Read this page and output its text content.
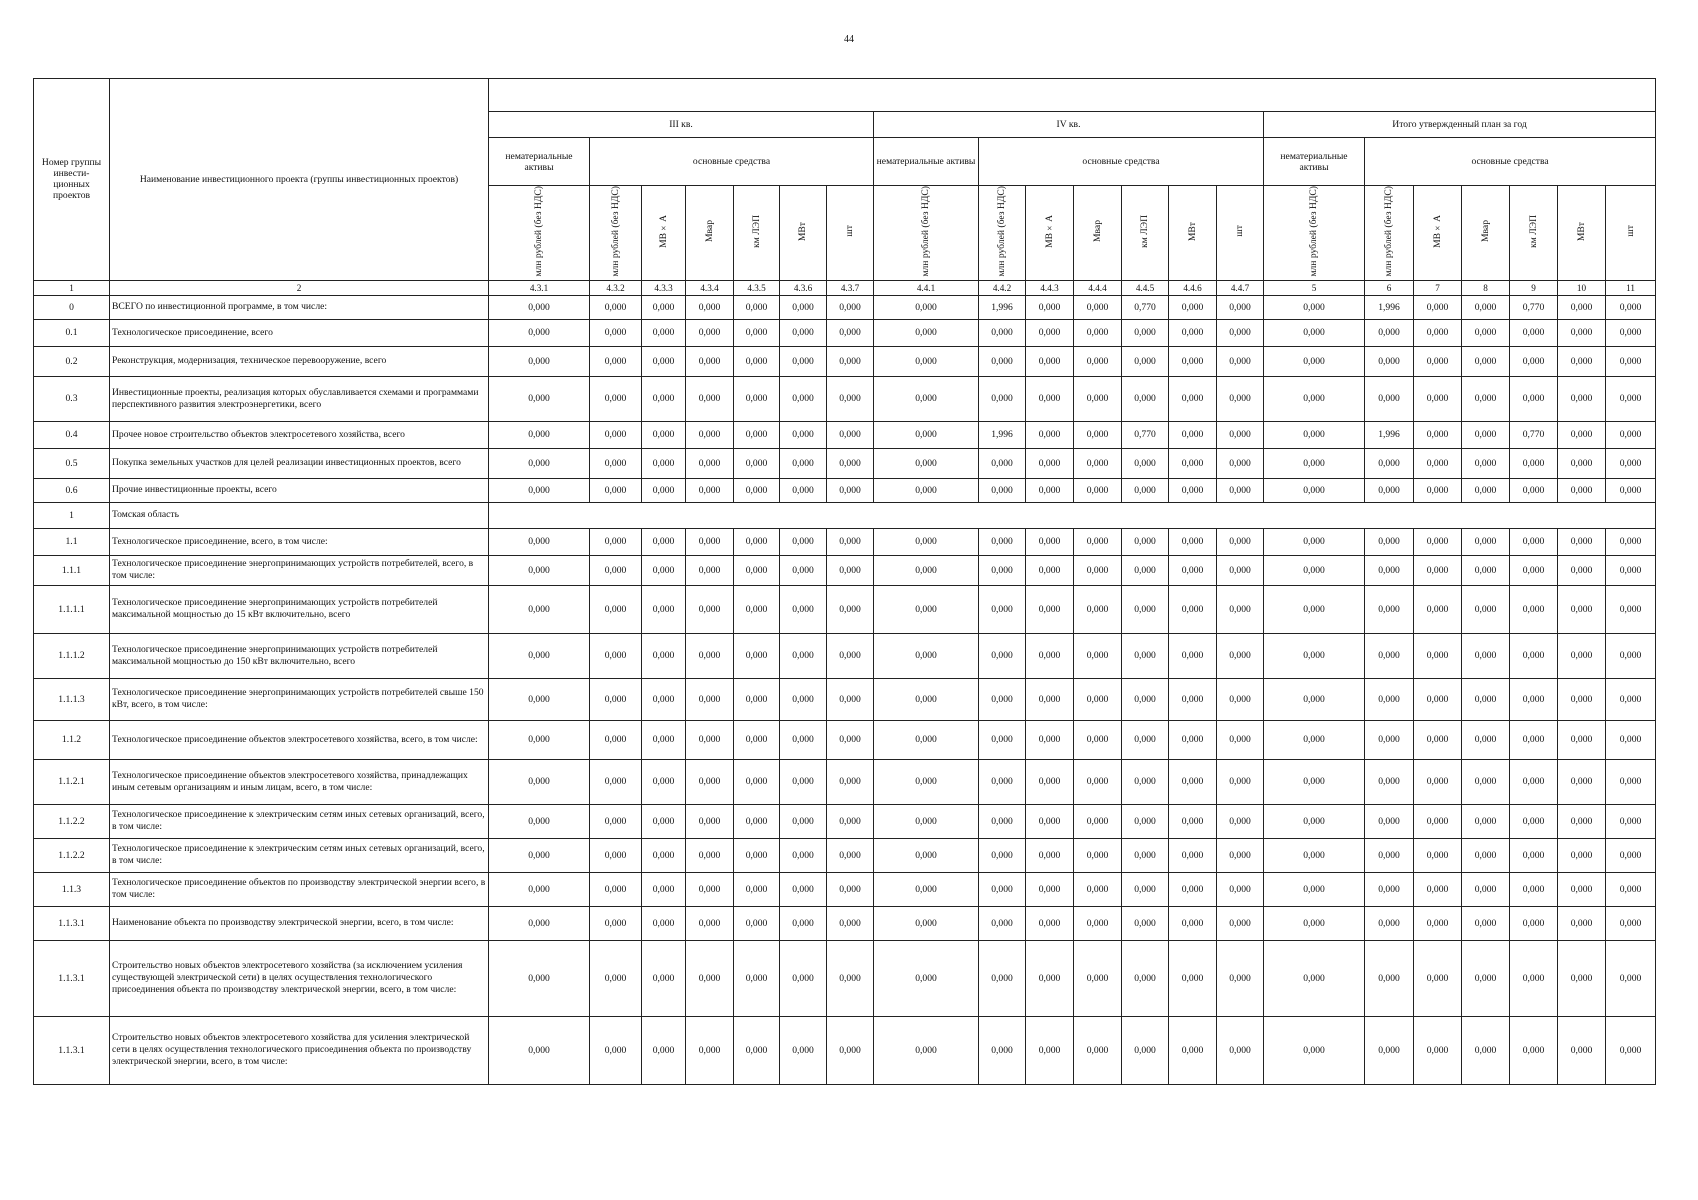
44
Номер группы инвести-ционных проектов	Наименование инвестиционного проекта (группы инвестиционных проектов)																					
		III кв.							IV кв.							Итого утвержденный план за год						
		нематериальные активы	основные средства						нематериальные активы	основные средства						нематериальные активы	основные средства					
		млн рублей (без НДС)	млн рублей (без НДС)	МВ×А	Мвар	км ЛЭП	МВт	шт	млн рублей (без НДС)	млн рублей (без НДС)	МВ×А	Мвар	км ЛЭП	МВт	шт	млн рублей (без НДС)	млн рублей (без НДС)	МВ×А	Мвар	км ЛЭП	МВт	шт
1	2	4.3.1	4.3.2	4.3.3	4.3.4	4.3.5	4.3.6	4.3.7	4.4.1	4.4.2	4.4.3	4.4.4	4.4.5	4.4.6	4.4.7	5	6	7	8	9	10	11
0	ВСЕГО по инвестиционной программе, в том числе:	0,000	0,000	0,000	0,000	0,000	0,000	0,000	0,000	1,996	0,000	0,000	0,770	0,000	0,000	0,000	1,996	0,000	0,000	0,770	0,000	0,000
0.1	Технологическое присоединение, всего	0,000	0,000	0,000	0,000	0,000	0,000	0,000	0,000	0,000	0,000	0,000	0,000	0,000	0,000	0,000	0,000	0,000	0,000	0,000	0,000	0,000
0.2	Реконструкция, модернизация, техническое перевооружение, всего	0,000	0,000	0,000	0,000	0,000	0,000	0,000	0,000	0,000	0,000	0,000	0,000	0,000	0,000	0,000	0,000	0,000	0,000	0,000	0,000	0,000
0.3	Инвестиционные проекты, реализация которых обуславливается схемами и программами перспективного развития электроэнергетики, всего	0,000	0,000	0,000	0,000	0,000	0,000	0,000	0,000	0,000	0,000	0,000	0,000	0,000	0,000	0,000	0,000	0,000	0,000	0,000	0,000	0,000
0.4	Прочее новое строительство объектов электросетевого хозяйства, всего	0,000	0,000	0,000	0,000	0,000	0,000	0,000	0,000	1,996	0,000	0,000	0,770	0,000	0,000	0,000	1,996	0,000	0,000	0,770	0,000	0,000
0.5	Покупка земельных участков для целей реализации инвестиционных проектов, всего	0,000	0,000	0,000	0,000	0,000	0,000	0,000	0,000	0,000	0,000	0,000	0,000	0,000	0,000	0,000	0,000	0,000	0,000	0,000	0,000	0,000
0.6	Прочие инвестиционные проекты, всего	0,000	0,000	0,000	0,000	0,000	0,000	0,000	0,000	0,000	0,000	0,000	0,000	0,000	0,000	0,000	0,000	0,000	0,000	0,000	0,000	0,000
1	Томская область																					
1.1	Технологическое присоединение, всего, в том числе:	0,000	0,000	0,000	0,000	0,000	0,000	0,000	0,000	0,000	0,000	0,000	0,000	0,000	0,000	0,000	0,000	0,000	0,000	0,000	0,000	0,000
1.1.1	Технологическое присоединение энергопринимающих устройств потребителей, всего, в том числе:	0,000	0,000	0,000	0,000	0,000	0,000	0,000	0,000	0,000	0,000	0,000	0,000	0,000	0,000	0,000	0,000	0,000	0,000	0,000	0,000	0,000
1.1.1.1	Технологическое присоединение энергопринимающих устройств потребителей максимальной мощностью до 15 кВт включительно, всего	0,000	0,000	0,000	0,000	0,000	0,000	0,000	0,000	0,000	0,000	0,000	0,000	0,000	0,000	0,000	0,000	0,000	0,000	0,000	0,000	0,000
1.1.1.2	Технологическое присоединение энергопринимающих устройств потребителей максимальной мощностью до 150 кВт включительно, всего	0,000	0,000	0,000	0,000	0,000	0,000	0,000	0,000	0,000	0,000	0,000	0,000	0,000	0,000	0,000	0,000	0,000	0,000	0,000	0,000	0,000
1.1.1.3	Технологическое присоединение энергопринимающих устройств потребителей свыше 150 кВт, всего, в том числе:	0,000	0,000	0,000	0,000	0,000	0,000	0,000	0,000	0,000	0,000	0,000	0,000	0,000	0,000	0,000	0,000	0,000	0,000	0,000	0,000	0,000
1.1.2	Технологическое присоединение объектов электросетевого хозяйства, всего, в том числе:	0,000	0,000	0,000	0,000	0,000	0,000	0,000	0,000	0,000	0,000	0,000	0,000	0,000	0,000	0,000	0,000	0,000	0,000	0,000	0,000	0,000
1.1.2.1	Технологическое присоединение объектов электросетевого хозяйства, принадлежащих иным сетевым организациям и иным лицам, всего, в том числе:	0,000	0,000	0,000	0,000	0,000	0,000	0,000	0,000	0,000	0,000	0,000	0,000	0,000	0,000	0,000	0,000	0,000	0,000	0,000	0,000	0,000
1.1.2.2	Технологическое присоединение к электрическим сетям иных сетевых организаций, всего, в том числе:	0,000	0,000	0,000	0,000	0,000	0,000	0,000	0,000	0,000	0,000	0,000	0,000	0,000	0,000	0,000	0,000	0,000	0,000	0,000	0,000	0,000
1.1.2.2	Технологическое присоединение к электрическим сетям иных сетевых организаций, всего, в том числе:	0,000	0,000	0,000	0,000	0,000	0,000	0,000	0,000	0,000	0,000	0,000	0,000	0,000	0,000	0,000	0,000	0,000	0,000	0,000	0,000	0,000
1.1.3	Технологическое присоединение объектов по производству электрической энергии всего, в том числе:	0,000	0,000	0,000	0,000	0,000	0,000	0,000	0,000	0,000	0,000	0,000	0,000	0,000	0,000	0,000	0,000	0,000	0,000	0,000	0,000	0,000
1.1.3.1	Наименование объекта по производству электрической энергии, всего, в том числе:	0,000	0,000	0,000	0,000	0,000	0,000	0,000	0,000	0,000	0,000	0,000	0,000	0,000	0,000	0,000	0,000	0,000	0,000	0,000	0,000	0,000
1.1.3.1	Строительство новых объектов электросетевого хозяйства (за исключением усиления существующей электрической сети) в целях осуществления технологического присоединения объекта по производству электрической энергии, всего, в том числе:	0,000	0,000	0,000	0,000	0,000	0,000	0,000	0,000	0,000	0,000	0,000	0,000	0,000	0,000	0,000	0,000	0,000	0,000	0,000	0,000	0,000
1.1.3.1	Строительство новых объектов электросетевого хозяйства для усиления электрической сети в целях осуществления технологического присоединения объекта по производству электрической энергии, всего, в том числе:	0,000	0,000	0,000	0,000	0,000	0,000	0,000	0,000	0,000	0,000	0,000	0,000	0,000	0,000	0,000	0,000	0,000	0,000	0,000	0,000	0,000
